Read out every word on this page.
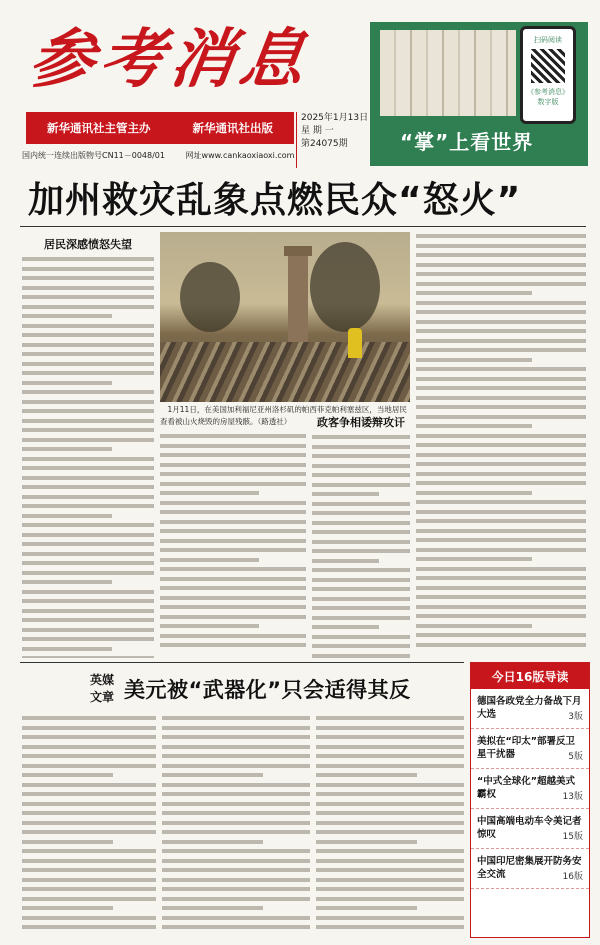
参考消息
新华通讯社主管主办	新华通讯社出版
国内统一连续出版物号CN11－0048/01	网址www.cankaoxiaoxi.com
2025年1月13日
星 期 一
第24075期
扫码阅读
《参考消息》数字版
“掌”上看世界
加州救灾乱象点燃民众“怒火”
居民深感愤怒失望
1月11日，在美国加利福尼亚州洛杉矶的帕西菲克帕利塞兹区，当地居民查看被山火烧毁的房屋残骸。（路透社）	政客争相诿辩攻讦
英媒文章 美元被“武器化”只会适得其反
今日16版导读
德国各政党全力备战下月大选	3版
美拟在“印太”部署反卫星干扰器	5版
“中式全球化”超越美式霸权	13版
中国高端电动车令美记者惊叹	15版
中国印尼密集展开防务安全交流	16版
